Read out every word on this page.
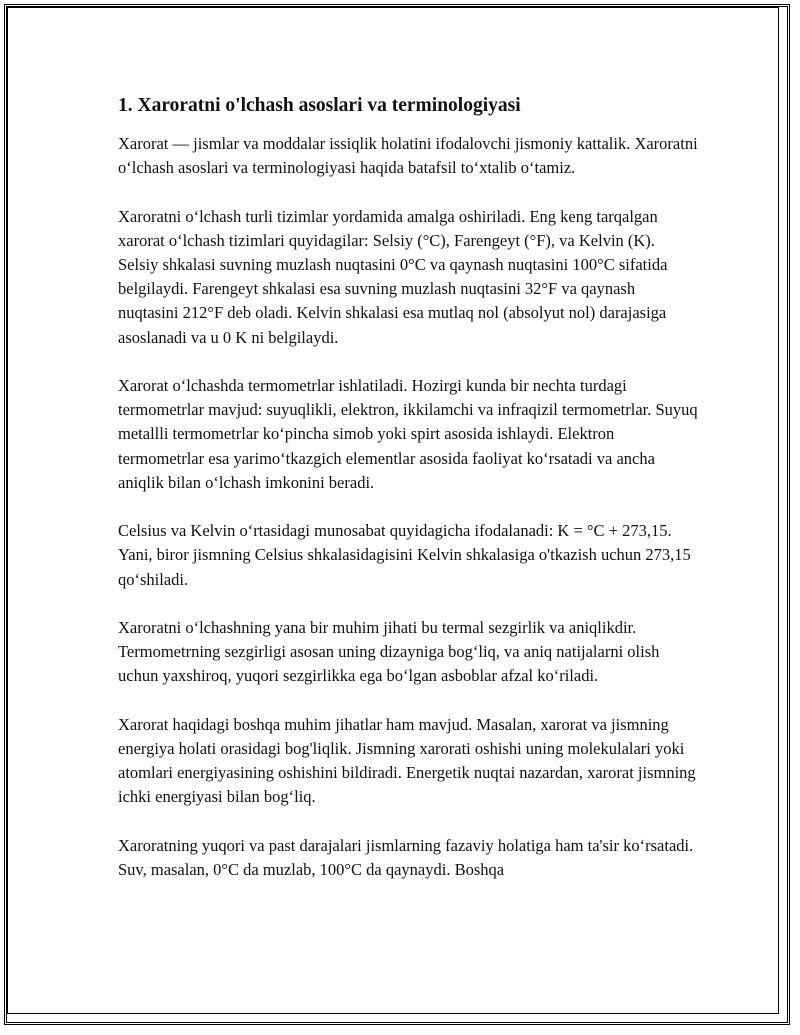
1. Xaroratni o'lchash asoslari va terminologiyasi

Xarorat — jismlar va moddalar issiqlik holatini ifodalovchi jismoniy kattalik. Xaroratni o‘lchash asoslari va terminologiyasi haqida batafsil to‘xtalib o‘tamiz.

Xaroratni o‘lchash turli tizimlar yordamida amalga oshiriladi. Eng keng tarqalgan xarorat o‘lchash tizimlari quyidagilar: Selsiy (°C), Farengeyt (°F), va Kelvin (K). Selsiy shkalasi suvning muzlash nuqtasini 0°C va qaynash nuqtasini 100°C sifatida belgilaydi. Farengeyt shkalasi esa suvning muzlash nuqtasini 32°F va qaynash nuqtasini 212°F deb oladi. Kelvin shkalasi esa mutlaq nol (absolyut nol) darajasiga asoslanadi va u 0 K ni belgilaydi.

Xarorat o‘lchashda termometrlar ishlatiladi. Hozirgi kunda bir nechta turdagi termometrlar mavjud: suyuqlikli, elektron, ikkilamchi va infraqizil termometrlar. Suyuq metallli termometrlar ko‘pincha simob yoki spirt asosida ishlaydi. Elektron termometrlar esa yarimo‘tkazgich elementlar asosida faoliyat ko‘rsatadi va ancha aniqlik bilan o‘lchash imkonini beradi.

Celsius va Kelvin o‘rtasidagi munosabat quyidagicha ifodalanadi: K = °C + 273,15. Yani, biror jismning Celsius shkalasidagisini Kelvin shkalasiga o'tkazish uchun 273,15 qo‘shiladi.

Xaroratni o‘lchashning yana bir muhim jihati bu termal sezgirlik va aniqlikdir. Termometrning sezgirligi asosan uning dizayniga bog‘liq, va aniq natijalarni olish uchun yaxshiroq, yuqori sezgirlikka ega bo‘lgan asboblar afzal ko‘riladi.

Xarorat haqidagi boshqa muhim jihatlar ham mavjud. Masalan, xarorat va jismning energiya holati orasidagi bog'liqlik. Jismning xarorati oshishi uning molekulalari yoki atomlari energiyasining oshishini bildiradi. Energetik nuqtai nazardan, xarorat jismning ichki energiyasi bilan bog‘liq.

Xaroratning yuqori va past darajalari jismlarning fazaviy holatiga ham ta'sir ko‘rsatadi. Suv, masalan, 0°C da muzlab, 100°C da qaynaydi. Boshqa
